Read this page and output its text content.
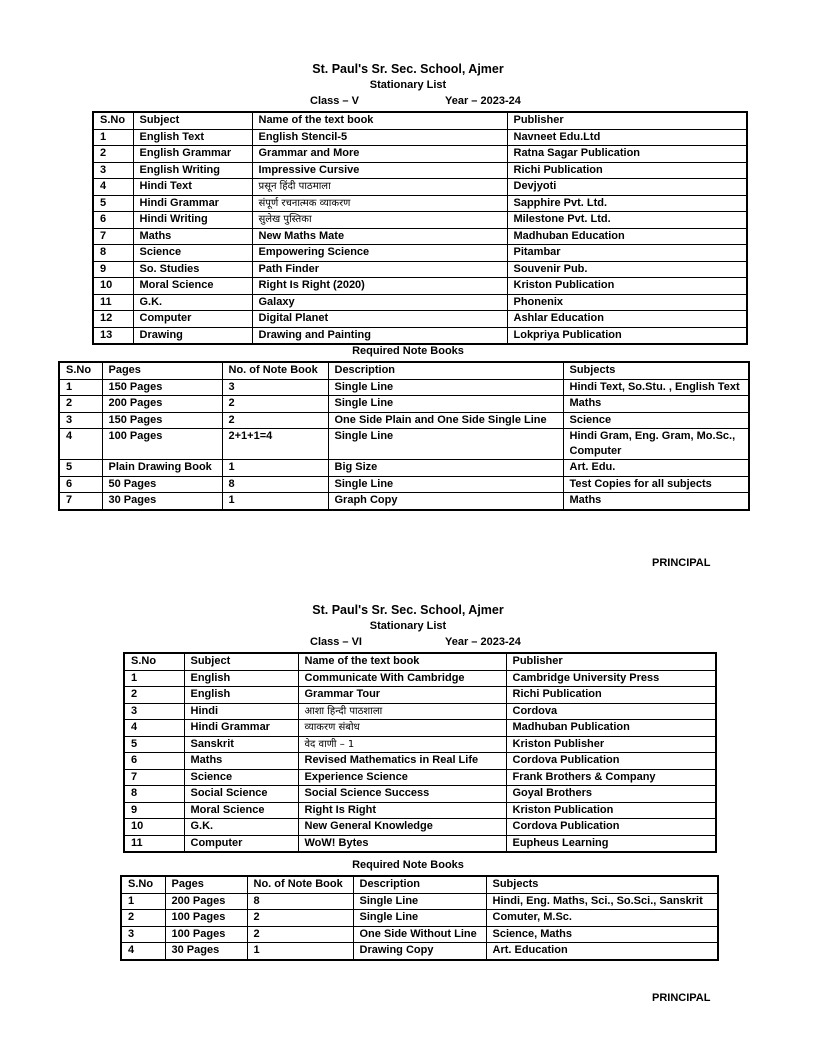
St. Paul's Sr. Sec. School, Ajmer
Stationary List
Class – V	Year – 2023-24
S.No	Subject	Name of the text book	Publisher
1	English Text	English Stencil-5	Navneet Edu.Ltd
2	English Grammar	Grammar and More	Ratna Sagar Publication
3	English Writing	Impressive Cursive	Richi Publication
4	Hindi Text	प्रसून हिंदी पाठमाला	Devjyoti
5	Hindi Grammar	संपूर्ण रचनात्मक व्याकरण	Sapphire Pvt. Ltd.
6	Hindi Writing	सुलेख पुस्तिका	Milestone Pvt. Ltd.
7	Maths	New Maths Mate	Madhuban Education
8	Science	Empowering Science	Pitambar
9	So. Studies	Path Finder	Souvenir Pub.
10	Moral Science	Right Is Right (2020)	Kriston Publication
11	G.K.	Galaxy	Phonenix
12	Computer	Digital Planet	Ashlar Education
13	Drawing	Drawing and Painting	Lokpriya Publication
Required Note Books
S.No	Pages	No. of Note Book	Description	Subjects
1	150 Pages	3	Single Line	Hindi Text, So.Stu. , English Text
2	200 Pages	2	Single Line	Maths
3	150 Pages	2	One Side Plain and One Side Single Line	Science
4	100 Pages	2+1+1=4	Single Line	Hindi Gram, Eng. Gram, Mo.Sc., Computer
5	Plain Drawing Book	1	Big Size	Art. Edu.
6	50 Pages	8	Single Line	Test Copies for all subjects
7	30 Pages	1	Graph Copy	Maths
PRINCIPAL
St. Paul's Sr. Sec. School, Ajmer
Stationary List
Class – VI	Year – 2023-24
S.No	Subject	Name of the text book	Publisher
1	English	Communicate With Cambridge	Cambridge University Press
2	English	Grammar Tour	Richi Publication
3	Hindi	आशा हिन्दी पाठशाला	Cordova
4	Hindi Grammar	व्याकरण संबोध	Madhuban Publication
5	Sanskrit	वेद वाणी – 1	Kriston Publisher
6	Maths	Revised Mathematics in Real Life	Cordova Publication
7	Science	Experience Science	Frank Brothers & Company
8	Social Science	Social Science Success	Goyal Brothers
9	Moral Science	Right Is Right	Kriston Publication
10	G.K.	New General Knowledge	Cordova Publication
11	Computer	WoW! Bytes	Eupheus Learning
Required Note Books
S.No	Pages	No. of Note Book	Description	Subjects
1	200 Pages	8	Single Line	Hindi, Eng. Maths, Sci., So.Sci., Sanskrit
2	100 Pages	2	Single Line	Comuter, M.Sc.
3	100 Pages	2	One Side Without Line	Science, Maths
4	30 Pages	1	Drawing Copy	Art. Education
PRINCIPAL
